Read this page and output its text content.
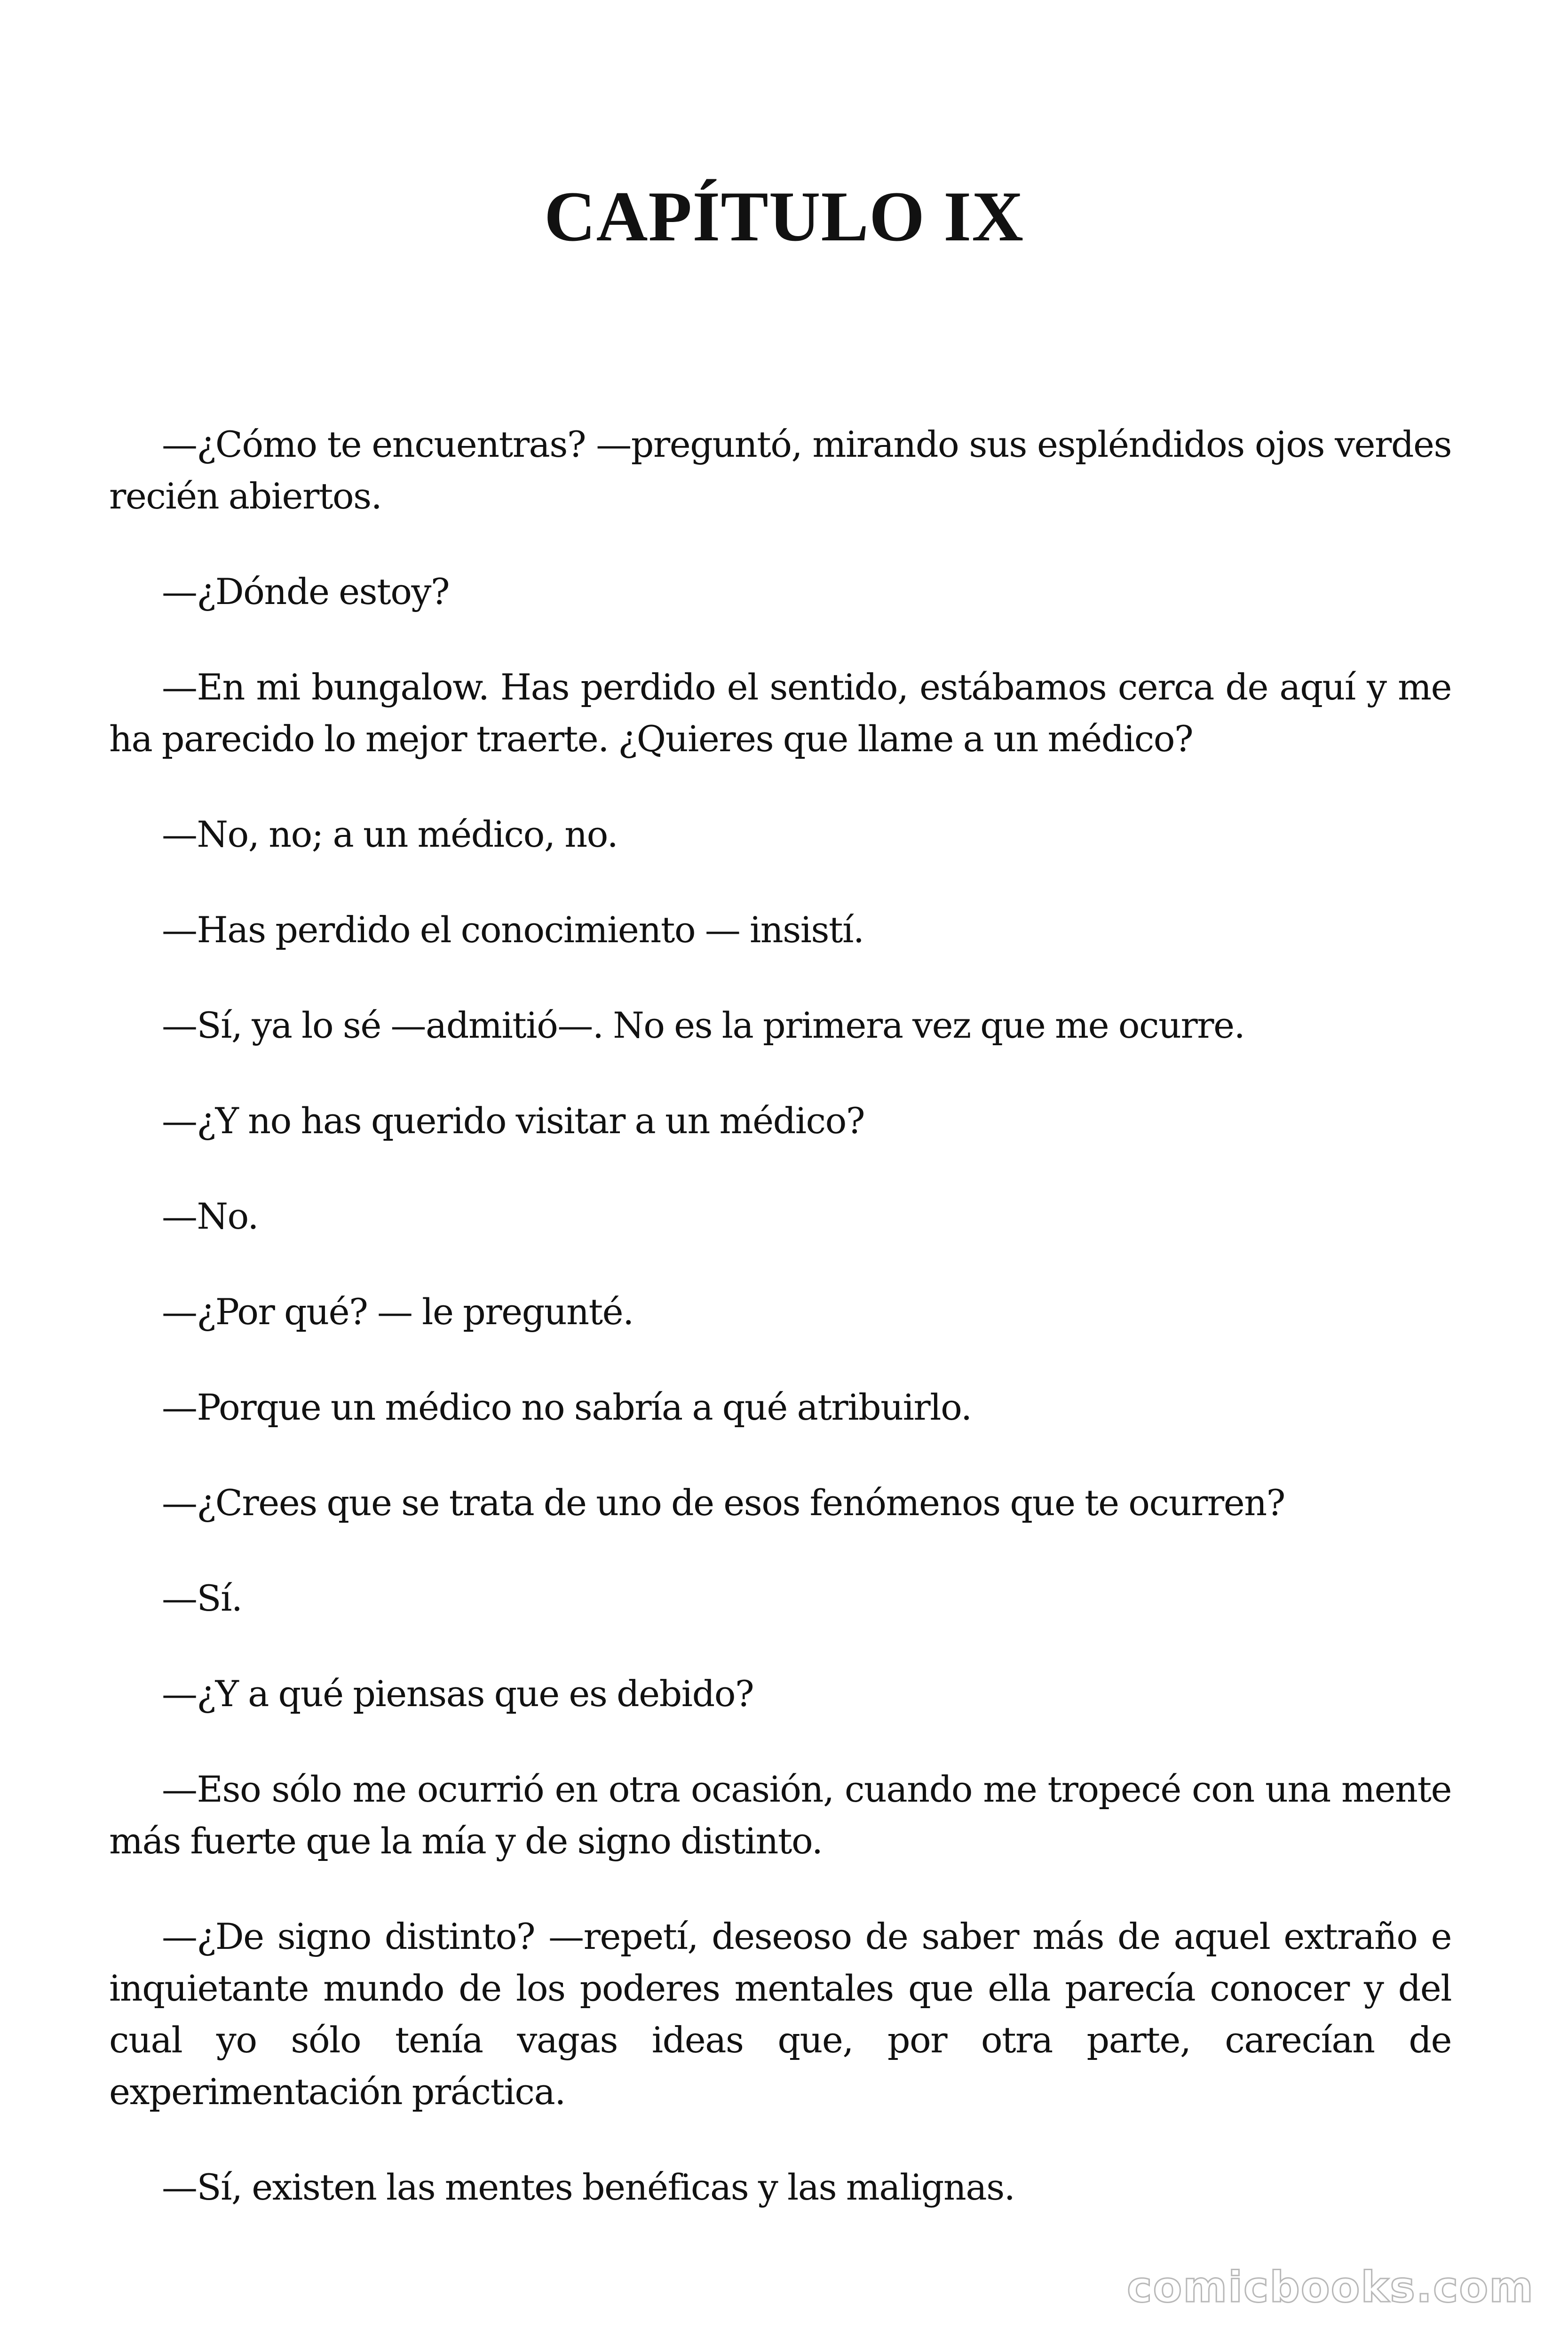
CAPÍTULO IX

—¿Cómo te encuentras? —preguntó, mirando sus espléndidos ojos verdes recién abiertos.

—¿Dónde estoy?

—En mi bungalow. Has perdido el sentido, estábamos cerca de aquí y me ha parecido lo mejor traerte. ¿Quieres que llame a un médico?

—No, no; a un médico, no.

—Has perdido el conocimiento — insistí.

—Sí, ya lo sé —admitió—. No es la primera vez que me ocurre.

—¿Y no has querido visitar a un médico?

—No.

—¿Por qué? — le pregunté.

—Porque un médico no sabría a qué atribuirlo.

—¿Crees que se trata de uno de esos fenómenos que te ocurren?

—Sí.

—¿Y a qué piensas que es debido?

—Eso sólo me ocurrió en otra ocasión, cuando me tropecé con una mente más fuerte que la mía y de signo distinto.

—¿De signo distinto? —repetí, deseoso de saber más de aquel extraño e inquietante mundo de los poderes mentales que ella parecía conocer y del cual yo sólo tenía vagas ideas que, por otra parte, carecían de experimentación práctica.

—Sí, existen las mentes benéficas y las malignas.

comicbooks.com
